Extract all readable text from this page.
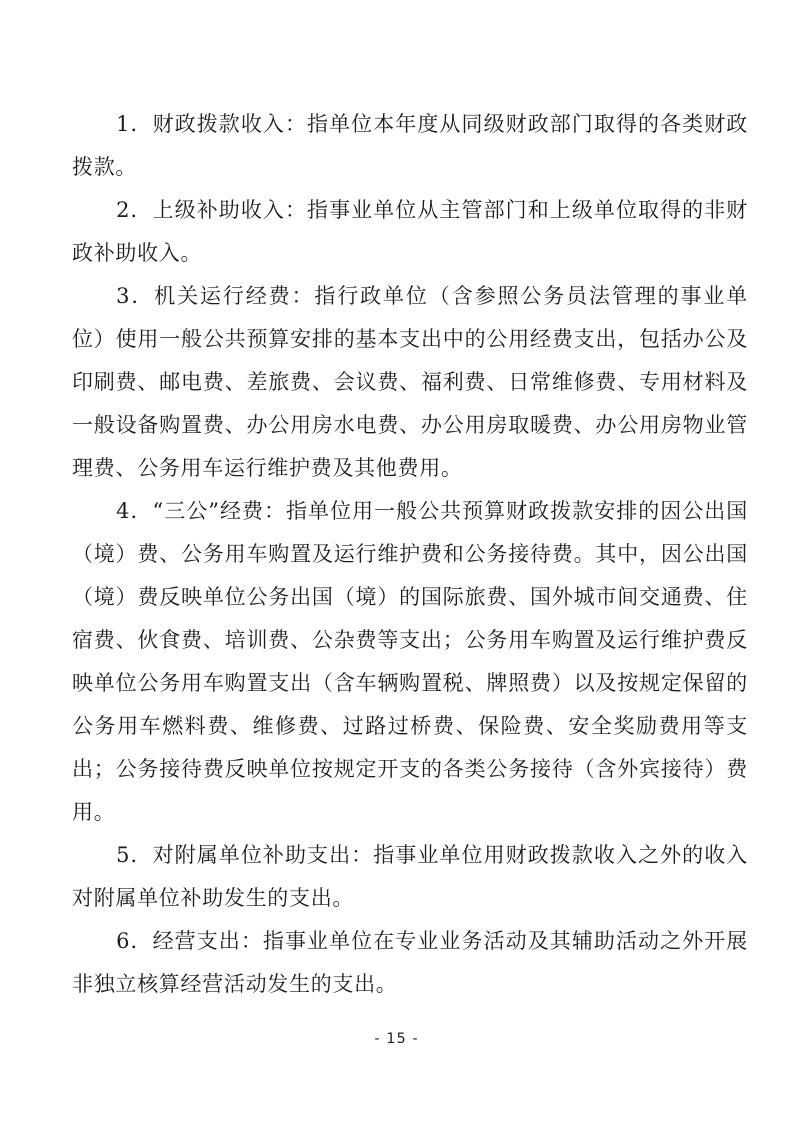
1．财政拨款收入：指单位本年度从同级财政部门取得的各类财政拨款。

2．上级补助收入：指事业单位从主管部门和上级单位取得的非财政补助收入。

3．机关运行经费：指行政单位（含参照公务员法管理的事业单位）使用一般公共预算安排的基本支出中的公用经费支出，包括办公及印刷费、邮电费、差旅费、会议费、福利费、日常维修费、专用材料及一般设备购置费、办公用房水电费、办公用房取暖费、办公用房物业管理费、公务用车运行维护费及其他费用。

4．“三公”经费：指单位用一般公共预算财政拨款安排的因公出国（境）费、公务用车购置及运行维护费和公务接待费。其中，因公出国（境）费反映单位公务出国（境）的国际旅费、国外城市间交通费、住宿费、伙食费、培训费、公杂费等支出；公务用车购置及运行维护费反映单位公务用车购置支出（含车辆购置税、牌照费）以及按规定保留的公务用车燃料费、维修费、过路过桥费、保险费、安全奖励费用等支出；公务接待费反映单位按规定开支的各类公务接待（含外宾接待）费用。

5．对附属单位补助支出：指事业单位用财政拨款收入之外的收入对附属单位补助发生的支出。

6．经营支出：指事业单位在专业业务活动及其辅助活动之外开展非独立核算经营活动发生的支出。

- 15 -
